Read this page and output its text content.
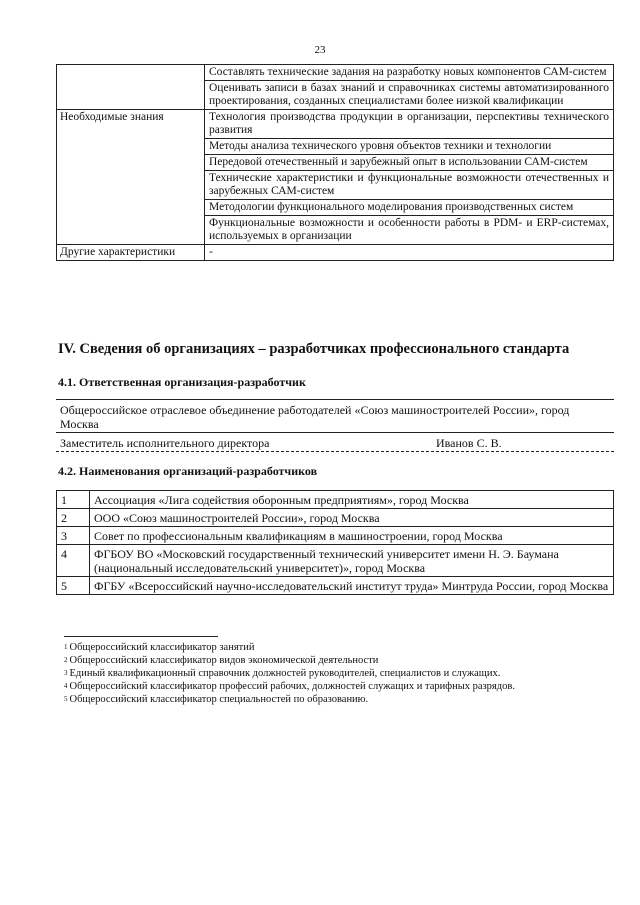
23
	Составлять технические задания на разработку новых компонентов САМ-систем
	Оценивать записи в базах знаний и справочниках системы автоматизированного проектирования, созданных специалистами более низкой квалификации
Необходимые знания	Технология производства продукции в организации, перспективы технического развития
	Методы анализа технического уровня объектов техники и технологии
	Передовой отечественный и зарубежный опыт в использовании САМ-систем
	Технические характеристики и функциональные возможности отечественных и зарубежных САМ-систем
	Методологии функционального моделирования производственных систем
	Функциональные возможности и особенности работы в PDM- и ERP-системах, используемых в организации
Другие характеристики	-
IV. Сведения об организациях – разработчиках профессионального стандарта
4.1. Ответственная организация-разработчик
Общероссийское отраслевое объединение работодателей «Союз машиностроителей России», город Москва
Заместитель исполнительного директора	Иванов С. В.
4.2. Наименования организаций-разработчиков
1	Ассоциация «Лига содействия оборонным предприятиям», город Москва
2	ООО «Союз машиностроителей России», город Москва
3	Совет по профессиональным квалификациям в машиностроении, город Москва
4	ФГБОУ ВО «Московский государственный технический университет имени Н. Э. Баумана (национальный исследовательский университет)», город Москва
5	ФГБУ «Всероссийский научно-исследовательский институт труда» Минтруда России, город Москва
$^1$ Общероссийский классификатор занятий
$^2$ Общероссийский классификатор видов экономической деятельности
$^3$ Единый квалификационный справочник должностей руководителей, специалистов и служащих.
$^4$ Общероссийский классификатор профессий рабочих, должностей служащих и тарифных разрядов.
$^5$ Общероссийский классификатор специальностей по образованию.
